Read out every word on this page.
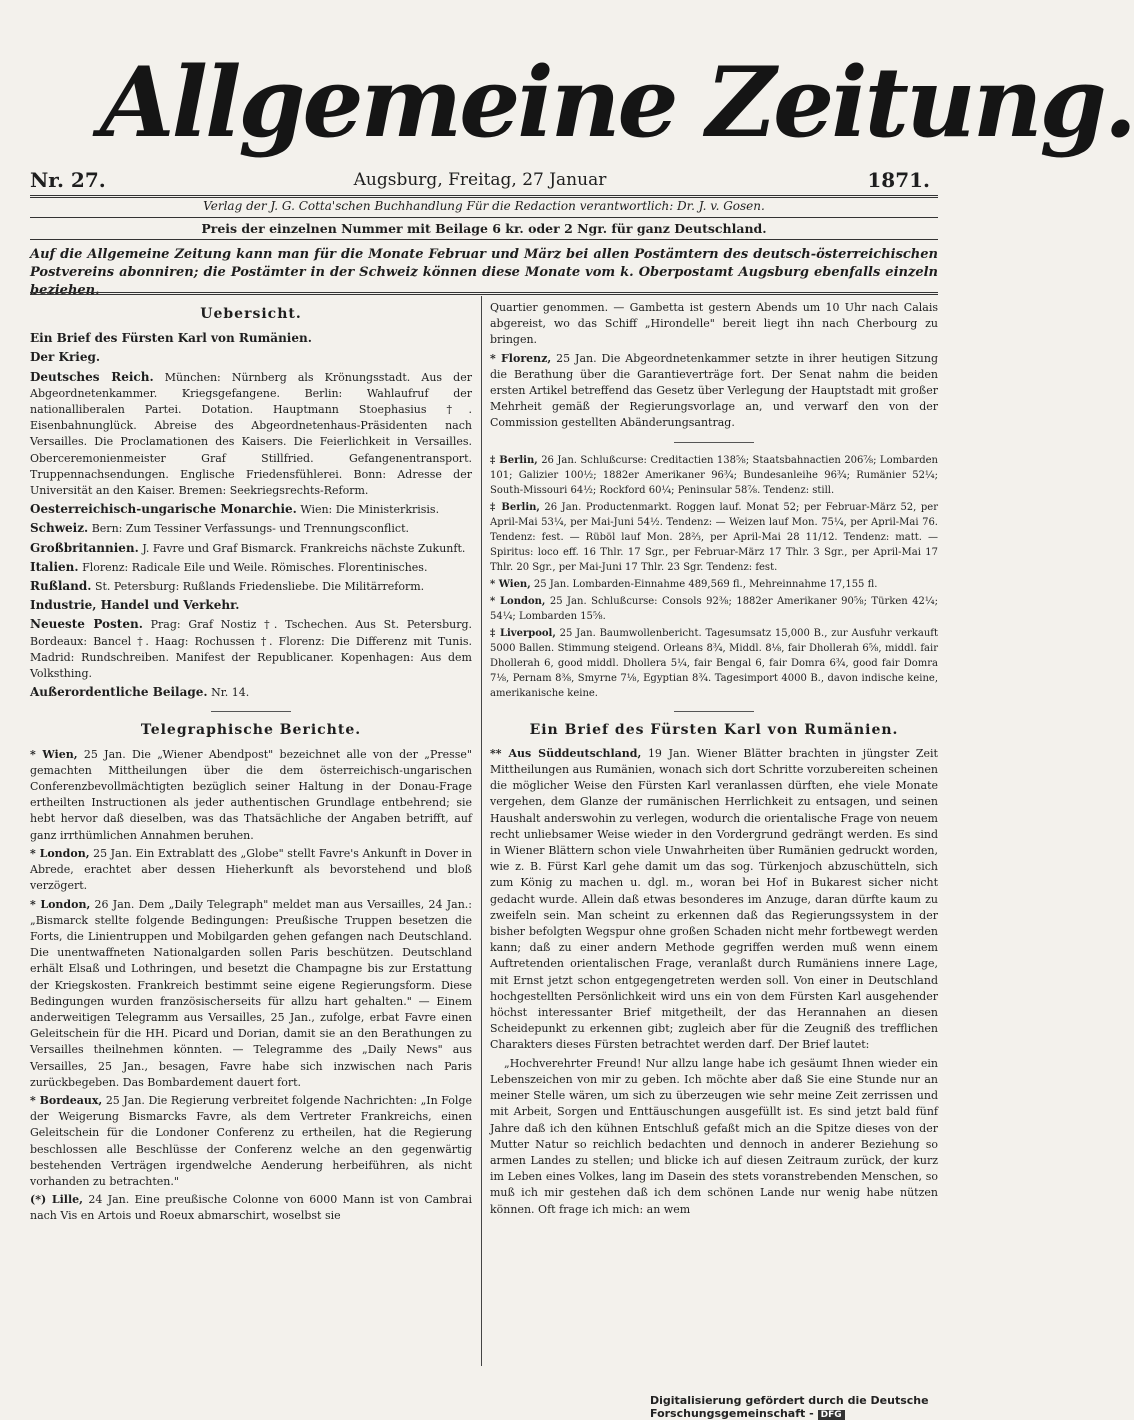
Allgemeine Zeitung.
Nr. 27.	Augsburg, Freitag, 27 Januar	1871.
Verlag der J. G. Cotta'schen Buchhandlung Für die Redaction verantwortlich: Dr. J. v. Gosen.
Preis der einzelnen Nummer mit Beilage 6 kr. oder 2 Ngr. für ganz Deutschland.
Auf die Allgemeine Zeitung kann man für die Monate Februar und März bei allen Postämtern des deutsch-österreichischen Postvereins abonniren; die Postämter in der Schweiz können diese Monate vom k. Oberpostamt Augsburg ebenfalls einzeln beziehen.
Uebersicht.

Ein Brief des Fürsten Karl von Rumänien.

Der Krieg.

Deutsches Reich. München: Nürnberg als Krönungsstadt. Aus der Abgeordnetenkammer. Kriegsgefangene. Berlin: Wahlaufruf der nationalliberalen Partei. Dotation. Hauptmann Stoephasius †. Eisenbahnunglück. Abreise des Abgeordnetenhaus-Präsidenten nach Versailles. Die Proclamationen des Kaisers. Die Feierlichkeit in Versailles. Oberceremonienmeister Graf Stillfried. Gefangenentransport. Truppennachsendungen. Englische Friedensfühlerei. Bonn: Adresse der Universität an den Kaiser. Bremen: Seekriegsrechts-Reform.

Oesterreichisch-ungarische Monarchie. Wien: Die Ministerkrisis.

Schweiz. Bern: Zum Tessiner Verfassungs- und Trennungsconflict.

Großbritannien. J. Favre und Graf Bismarck. Frankreichs nächste Zukunft.

Italien. Florenz: Radicale Eile und Weile. Römisches. Florentinisches.

Rußland. St. Petersburg: Rußlands Friedensliebe. Die Militärreform.

Industrie, Handel und Verkehr.

Neueste Posten. Prag: Graf Nostiz †. Tschechen. Aus St. Petersburg. Bordeaux: Bancel †. Haag: Rochussen †. Florenz: Die Differenz mit Tunis. Madrid: Rundschreiben. Manifest der Republicaner. Kopenhagen: Aus dem Volksthing.

Außerordentliche Beilage. Nr. 14.

Telegraphische Berichte.

* Wien, 25 Jan. Die „Wiener Abendpost" bezeichnet alle von der „Presse" gemachten Mittheilungen über die dem österreichisch-ungarischen Conferenzbevollmächtigten bezüglich seiner Haltung in der Donau-Frage ertheilten Instructionen als jeder authentischen Grundlage entbehrend; sie hebt hervor daß dieselben, was das Thatsächliche der Angaben betrifft, auf ganz irrthümlichen Annahmen beruhen.

* London, 25 Jan. Ein Extrablatt des „Globe" stellt Favre's Ankunft in Dover in Abrede, erachtet aber dessen Hieherkunft als bevorstehend und bloß verzögert.

* London, 26 Jan. Dem „Daily Telegraph" meldet man aus Versailles, 24 Jan.: „Bismarck stellte folgende Bedingungen: Preußische Truppen besetzen die Forts, die Linientruppen und Mobilgarden gehen gefangen nach Deutschland. Die unentwaffneten Nationalgarden sollen Paris beschützen. Deutschland erhält Elsaß und Lothringen, und besetzt die Champagne bis zur Erstattung der Kriegskosten. Frankreich bestimmt seine eigene Regierungsform. Diese Bedingungen wurden französischerseits für allzu hart gehalten." — Einem anderweitigen Telegramm aus Versailles, 25 Jan., zufolge, erbat Favre einen Geleitschein für die HH. Picard und Dorian, damit sie an den Berathungen zu Versailles theilnehmen könnten. — Telegramme des „Daily News" aus Versailles, 25 Jan., besagen, Favre habe sich inzwischen nach Paris zurückbegeben. Das Bombardement dauert fort.

* Bordeaux, 25 Jan. Die Regierung verbreitet folgende Nachrichten: „In Folge der Weigerung Bismarcks Favre, als dem Vertreter Frankreichs, einen Geleitschein für die Londoner Conferenz zu ertheilen, hat die Regierung beschlossen alle Beschlüsse der Conferenz welche an den gegenwärtig bestehenden Verträgen irgendwelche Aenderung herbeiführen, als nicht vorhanden zu betrachten."

(*) Lille, 24 Jan. Eine preußische Colonne von 6000 Mann ist von Cambrai nach Vis en Artois und Roeux abmarschirt, woselbst sie

Quartier genommen. — Gambetta ist gestern Abends um 10 Uhr nach Calais abgereist, wo das Schiff „Hirondelle" bereit liegt ihn nach Cherbourg zu bringen.

* Florenz, 25 Jan. Die Abgeordnetenkammer setzte in ihrer heutigen Sitzung die Berathung über die Garantieverträge fort. Der Senat nahm die beiden ersten Artikel betreffend das Gesetz über Verlegung der Hauptstadt mit großer Mehrheit gemäß der Regierungsvorlage an, und verwarf den von der Commission gestellten Abänderungsantrag.

‡ Berlin, 26 Jan. Schlußcurse: Creditactien 138⅝; Staatsbahnactien 206⅞; Lombarden 101; Galizier 100½; 1882er Amerikaner 96¾; Bundesanleihe 96¾; Rumänier 52¼; South-Missouri 64½; Rockford 60¼; Peninsular 58⅞. Tendenz: still.

‡ Berlin, 26 Jan. Productenmarkt. Roggen lauf. Monat 52; per Februar-März 52, per April-Mai 53¼, per Mai-Juni 54½. Tendenz: — Weizen lauf Mon. 75¼, per April-Mai 76. Tendenz: fest. — Rüböl lauf Mon. 28⅔, per April-Mai 28 11/12. Tendenz: matt. — Spiritus: loco eff. 16 Thlr. 17 Sgr., per Februar-März 17 Thlr. 3 Sgr., per April-Mai 17 Thlr. 20 Sgr., per Mai-Juni 17 Thlr. 23 Sgr. Tendenz: fest.

* Wien, 25 Jan. Lombarden-Einnahme 489,569 fl., Mehreinnahme 17,155 fl.

* London, 25 Jan. Schlußcurse: Consols 92⅜; 1882er Amerikaner 90⅝; Türken 42¼; 54¼; Lombarden 15⅝.

‡ Liverpool, 25 Jan. Baumwollenbericht. Tagesumsatz 15,000 B., zur Ausfuhr verkauft 5000 Ballen. Stimmung steigend. Orleans 8¾, Middl. 8⅛, fair Dhollerah 6⅝, middl. fair Dhollerah 6, good middl. Dhollera 5¼, fair Bengal 6, fair Domra 6¾, good fair Domra 7⅛, Pernam 8⅜, Smyrne 7⅛, Egyptian 8¾. Tagesimport 4000 B., davon indische keine, amerikanische keine.

Ein Brief des Fürsten Karl von Rumänien.

** Aus Süddeutschland, 19 Jan. Wiener Blätter brachten in jüngster Zeit Mittheilungen aus Rumänien, wonach sich dort Schritte vorzubereiten scheinen die möglicher Weise den Fürsten Karl veranlassen dürften, ehe viele Monate vergehen, dem Glanze der rumänischen Herrlichkeit zu entsagen, und seinen Haushalt anderswohin zu verlegen, wodurch die orientalische Frage von neuem recht unliebsamer Weise wieder in den Vordergrund gedrängt werden. Es sind in Wiener Blättern schon viele Unwahrheiten über Rumänien gedruckt worden, wie z. B. Fürst Karl gehe damit um das sog. Türkenjoch abzuschütteln, sich zum König zu machen u. dgl. m., woran bei Hof in Bukarest sicher nicht gedacht wurde. Allein daß etwas besonderes im Anzuge, daran dürfte kaum zu zweifeln sein. Man scheint zu erkennen daß das Regierungssystem in der bisher befolgten Wegspur ohne großen Schaden nicht mehr fortbewegt werden kann; daß zu einer andern Methode gegriffen werden muß wenn einem Auftretenden orientalischen Frage, veranlaßt durch Rumäniens innere Lage, mit Ernst jetzt schon entgegengetreten werden soll. Von einer in Deutschland hochgestellten Persönlichkeit wird uns ein von dem Fürsten Karl ausgehender höchst interessanter Brief mitgetheilt, der das Herannahen an diesen Scheidepunkt zu erkennen gibt; zugleich aber für die Zeugniß des trefflichen Charakters dieses Fürsten betrachtet werden darf. Der Brief lautet:

„Hochverehrter Freund! Nur allzu lange habe ich gesäumt Ihnen wieder ein Lebenszeichen von mir zu geben. Ich möchte aber daß Sie eine Stunde nur an meiner Stelle wären, um sich zu überzeugen wie sehr meine Zeit zerrissen und mit Arbeit, Sorgen und Enttäuschungen ausgefüllt ist. Es sind jetzt bald fünf Jahre daß ich den kühnen Entschluß gefaßt mich an die Spitze dieses von der Mutter Natur so reichlich bedachten und dennoch in anderer Beziehung so armen Landes zu stellen; und blicke ich auf diesen Zeitraum zurück, der kurz im Leben eines Volkes, lang im Dasein des stets voranstrebenden Menschen, so muß ich mir gestehen daß ich dem schönen Lande nur wenig habe nützen können. Oft frage ich mich: an wem

Digitalisierung gefördert durch die Deutsche Forschungsgemeinschaft - DFG
